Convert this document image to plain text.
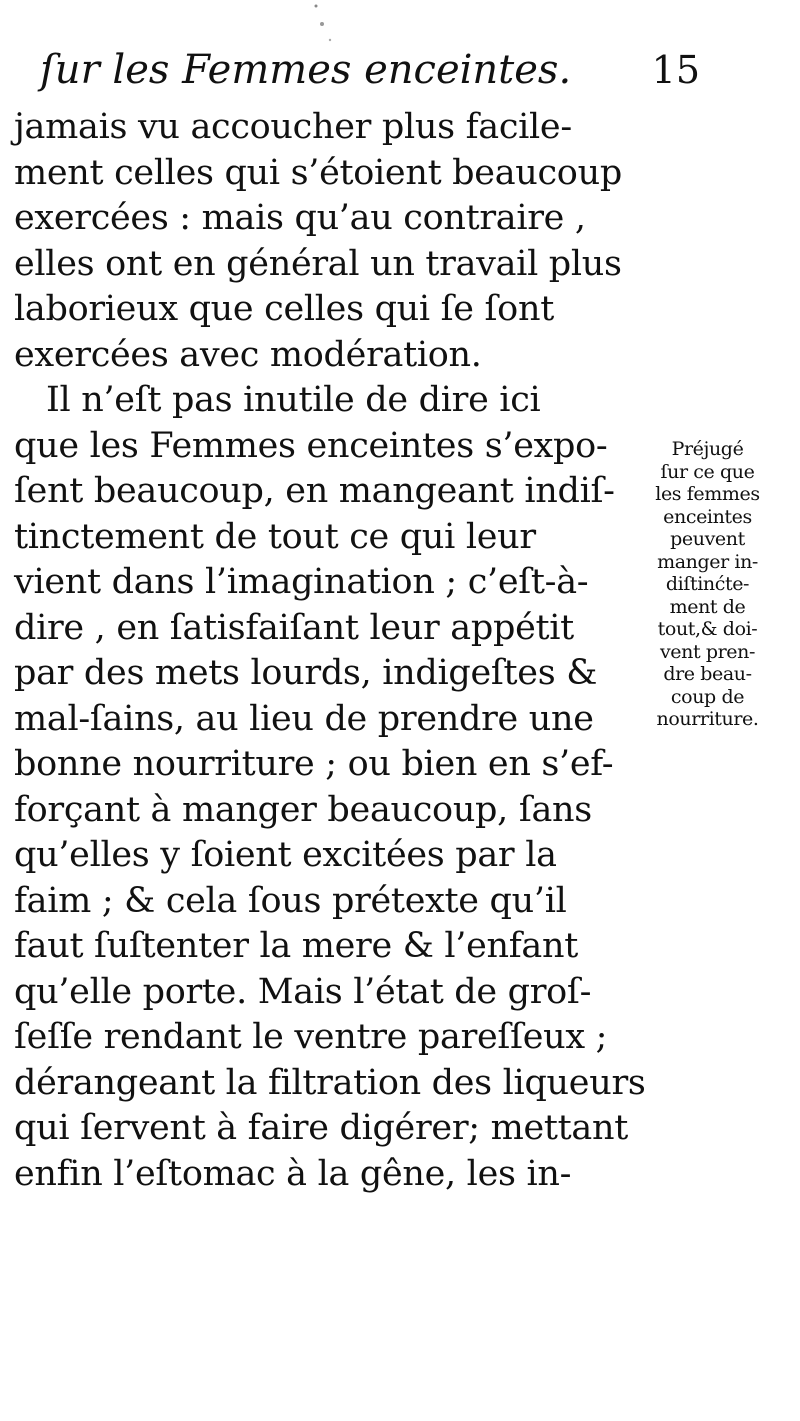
ſur les Femmes enceintes. 15
jamais vu accoucher plus facile-
ment celles qui s’étoient beaucoup
exercées : mais qu’au contraire ,
elles ont en général un travail plus
laborieux que celles qui ſe ſont
exercées avec modération.
Il n’eſt pas inutile de dire ici
que les Femmes enceintes s’expo-
ſent beaucoup, en mangeant indiſ-
tinctement de tout ce qui leur
vient dans l’imagination ; c’eſt-à-
dire , en ſatisfaiſant leur appétit
par des mets lourds, indigeſtes &
mal-ſains, au lieu de prendre une
bonne nourriture ; ou bien en s’ef-
forçant à manger beaucoup, ſans
qu’elles y ſoient excitées par la
faim ; & cela ſous prétexte qu’il
faut ſuſtenter la mere & l’enfant
qu’elle porte. Mais l’état de groſ-
ſeſſe rendant le ventre pareſſeux ;
dérangeant la filtration des liqueurs
qui ſervent à faire digérer; mettant
enfin l’eſtomac à la gêne, les in-
Préjugé
ſur ce que
les femmes
enceintes
peuvent
manger in-
diſtinćte-
ment de
tout,& doi-
vent pren-
dre beau-
coup de
nourriture.
